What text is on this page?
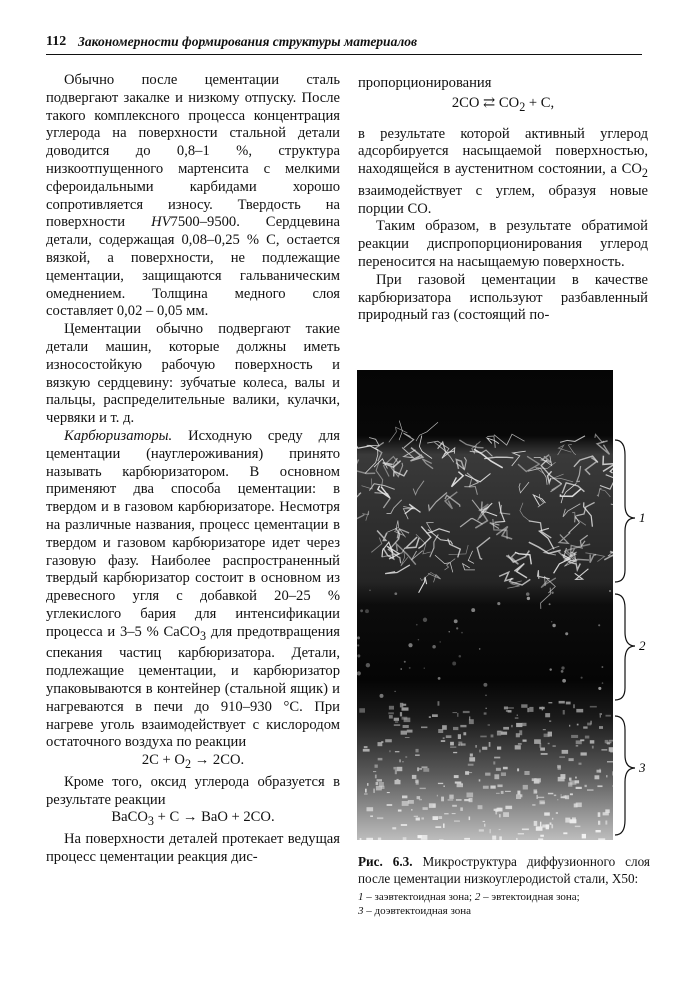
112 Закономерности формирования структуры материалов

Обычно после цементации сталь подвергают закалке и низкому отпуску. После такого комплексного процесса концентрация углерода на поверхности стальной детали доводится до 0,8–1 %, структура низкоотпущенного мартенсита с мелкими сфероидальными карбидами хорошо сопротивляется износу. Твердость на поверхности HV7500–9500. Сердцевина детали, содержащая 0,08–0,25 % С, остается вязкой, а поверхности, не подлежащие цементации, защищаются гальваническим омеднением. Толщина медного слоя составляет 0,02 – 0,05 мм.

Цементации обычно подвергают такие детали машин, которые должны иметь износостойкую рабочую поверхность и вязкую сердцевину: зубчатые колеса, валы и пальцы, распределительные валики, кулачки, червяки и т. д.

Карбюризаторы. Исходную среду для цементации (науглероживания) принято называть карбюризатором. В основном применяют два способа цементации: в твердом и в газовом карбюризаторе. Несмотря на различные названия, процесс цементации в твердом и газовом карбюризаторе идет через газовую фазу. Наиболее распространенный твердый карбюризатор состоит в основном из древесного угля с добавкой 20–25 % углекислого бария для интенсификации процесса и 3–5 % CaCO$_3$ для предотвращения спекания частиц карбюризатора. Детали, подлежащие цементации, и карбюризатор упаковываются в контейнер (стальной ящик) и нагреваются в печи до 910–930 °С. При нагреве уголь взаимодействует с кислородом остаточного воздуха по реакции

$2C + O_2 \to 2CO$.

Кроме того, оксид углерода образуется в результате реакции

BaCO$_3$ + C → BaO + 2CO.

На поверхности деталей протекает ведущая процесс цементации реакция дис-

пропорционирования

2CO ⇄ $CO_2 + C$,

в результате которой активный углерод адсорбируется насыщаемой поверхностью, находящейся в аустенитном состоянии, а $CO_2$ взаимодействует с углем, образуя новые порции СО.

Таким образом, в результате обратимой реакции диспропорционирования углерод переносится на насыщаемую поверхность.

При газовой цементации в качестве карбюризатора используют разбавленный природный газ (состоящий по-

1
2
3

Рис. 6.3. Микроструктура диффузионного слоя после цементации низкоуглеродистой стали, Х50:

1 – заэвтектоидная зона; 2 – эвтектоидная зона;
3 – доэвтектоидная зона
